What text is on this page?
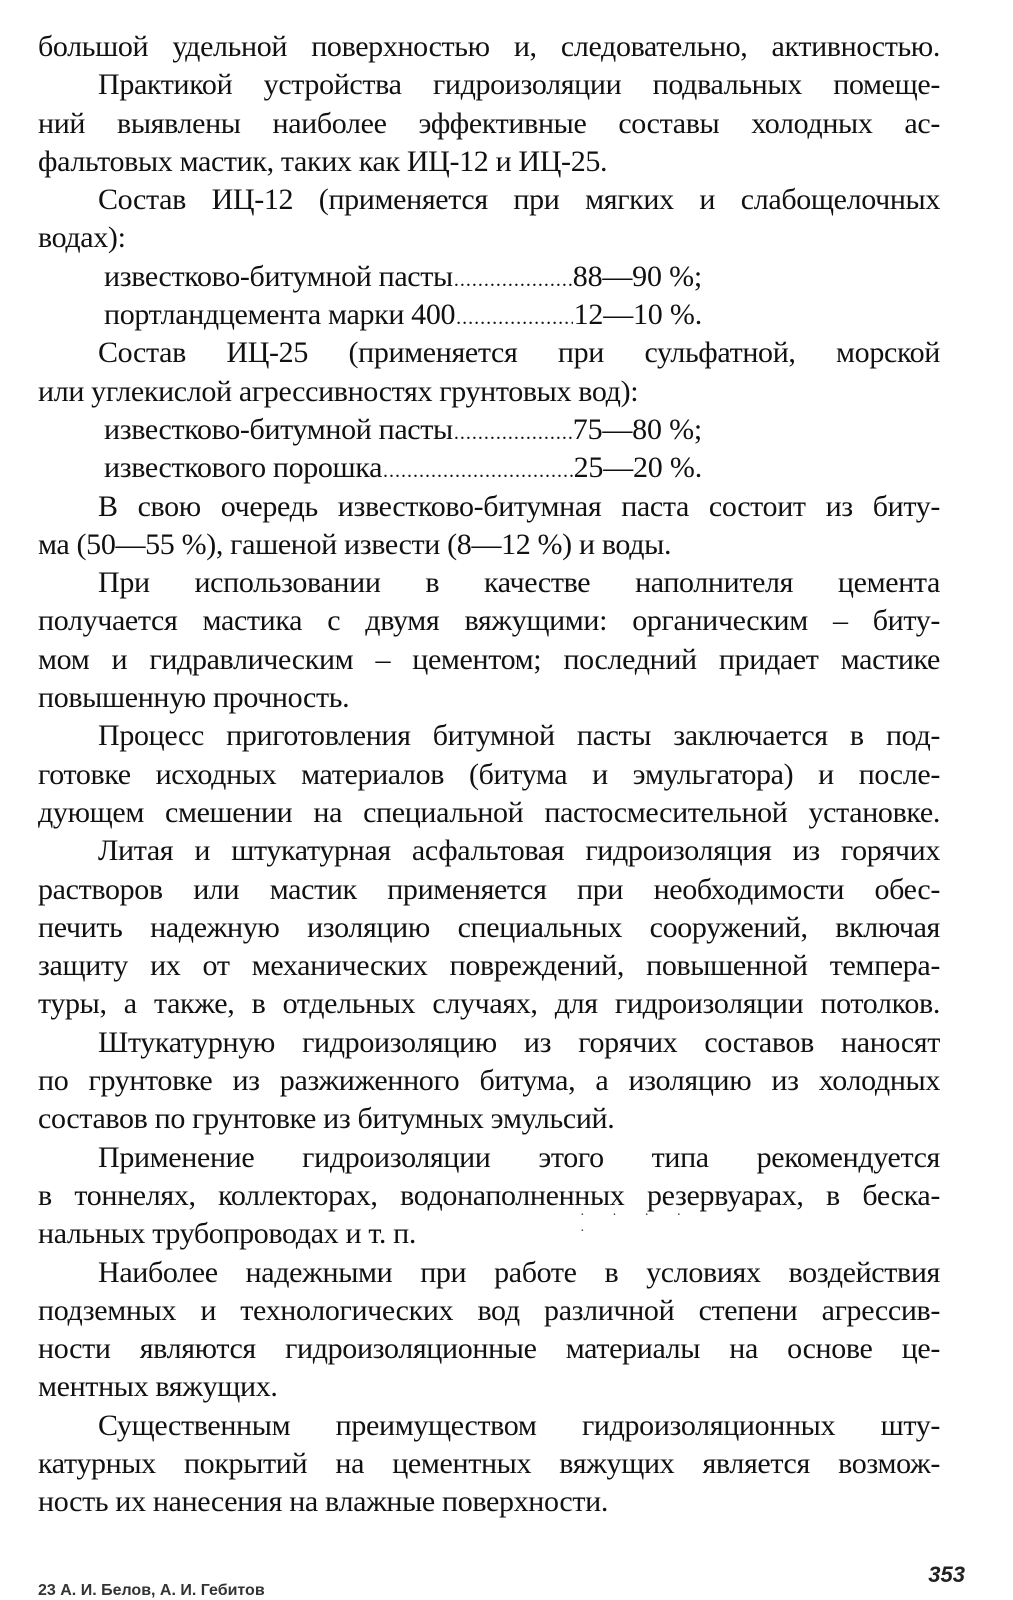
большой удельной поверхностью и, следовательно, активностью.
Практикой устройства гидроизоляции подвальных помеще-
ний выявлены наиболее эффективные составы холодных ас-
фальтовых мастик, таких как ИЦ-12 и ИЦ-25.
Состав ИЦ-12 (применяется при мягких и слабощелочных
водах):
известково-битумной пасты .....	88—90 %;
портландцемента марки 400 .....	12—10 %.
Состав ИЦ-25 (применяется при сульфатной, морской
или углекислой агрессивностях грунтовых вод):
известково-битумной пасты .....	75—80 %;
известкового порошка .....	25—20 %.
В свою очередь известково-битумная паста состоит из биту-
ма (50—55 %), гашеной извести (8—12 %) и воды.
При использовании в качестве наполнителя цемента
получается мастика с двумя вяжущими: органическим – биту-
мом и гидравлическим – цементом; последний придает мастике
повышенную прочность.
Процесс приготовления битумной пасты заключается в под-
готовке исходных материалов (битума и эмульгатора) и после-
дующем смешении на специальной пастосмесительной установке.
Литая и штукатурная асфальтовая гидроизоляция из горячих
растворов или мастик применяется при необходимости обес-
печить надежную изоляцию специальных сооружений, включая
защиту их от механических повреждений, повышенной темпера-
туры, а также, в отдельных случаях, для гидроизоляции потолков.
Штукатурную гидроизоляцию из горячих составов наносят
по грунтовке из разжиженного битума, а изоляцию из холодных
составов по грунтовке из битумных эмульсий.
Применение гидроизоляции этого типа рекомендуется
в тоннелях, коллекторах, водонаполненных резервуарах, в беска-
нальных трубопроводах и т. п.
Наиболее надежными при работе в условиях воздействия
подземных и технологических вод различной степени агрессив-
ности являются гидроизоляционные материалы на основе це-
ментных вяжущих.
Существенным преимуществом гидроизоляционных шту-
катурных покрытий на цементных вяжущих является возмож-
ность их нанесения на влажные поверхности.
· · · · ·
23 А. И. Белов, А. И. Гебитов
353
